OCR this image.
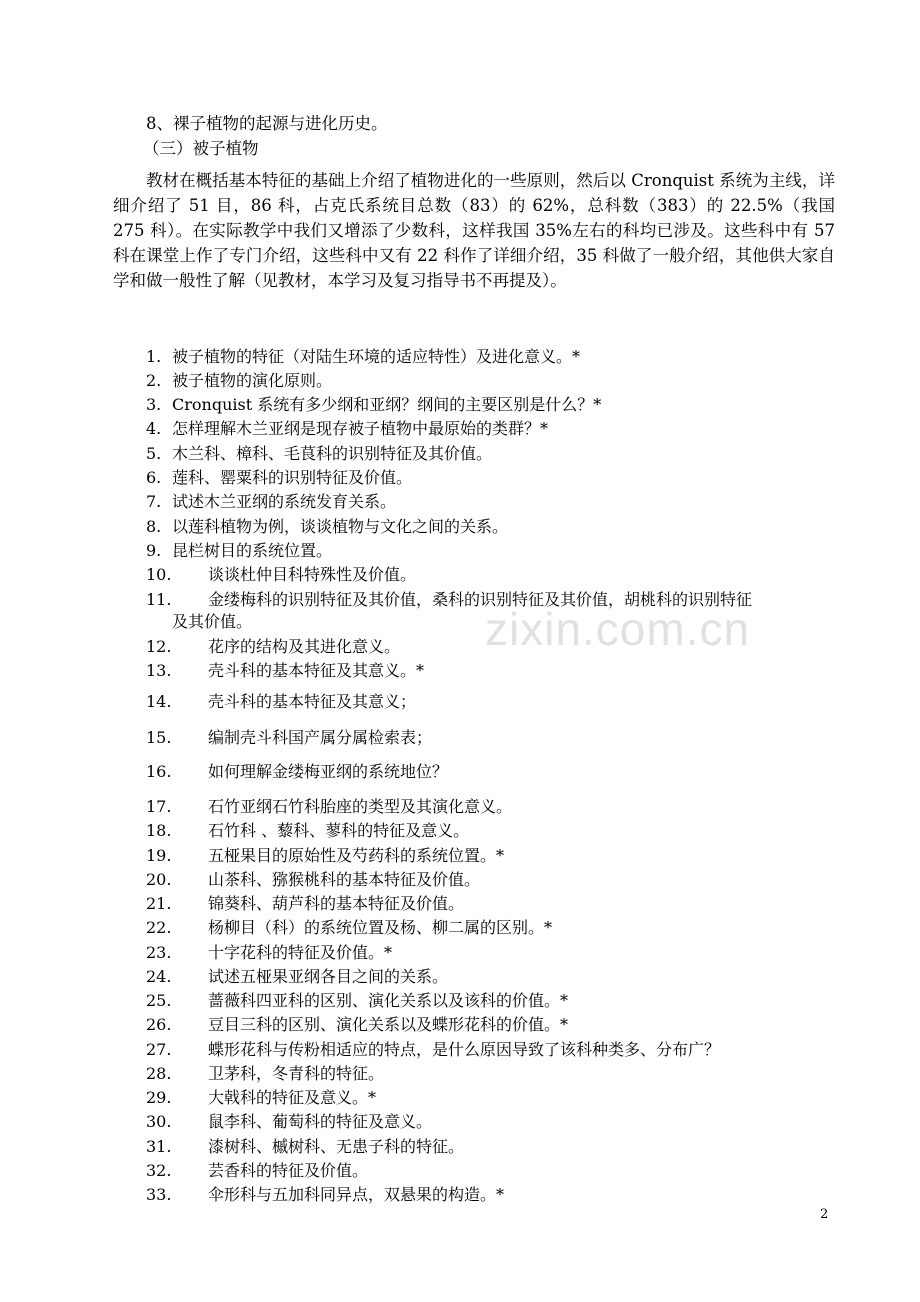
8、裸子植物的起源与进化历史。
（三）被子植物
教材在概括基本特征的基础上介绍了植物进化的一些原则，然后以 Cronquist 系统为主线，详细介绍了 51 目，86 科，占克氏系统目总数（83）的 62%，总科数（383）的 22.5%（我国 275 科）。在实际教学中我们又增添了少数科，这样我国 35%左右的科均已涉及。这些科中有 57 科在课堂上作了专门介绍，这些科中又有 22 科作了详细介绍，35 科做了一般介绍，其他供大家自学和做一般性了解（见教材，本学习及复习指导书不再提及）。
1. 被子植物的特征（对陆生环境的适应特性）及进化意义。*
2. 被子植物的演化原则。
3. Cronquist 系统有多少纲和亚纲？纲间的主要区别是什么？*
4. 怎样理解木兰亚纲是现存被子植物中最原始的类群？*
5. 木兰科、樟科、毛茛科的识别特征及其价值。
6. 莲科、罂粟科的识别特征及价值。
7. 试述木兰亚纲的系统发育关系。
8. 以莲科植物为例，谈谈植物与文化之间的关系。
9. 昆栏树目的系统位置。
10. 谈谈杜仲目科特殊性及价值。
11. 金缕梅科的识别特征及其价值，桑科的识别特征及其价值，胡桃科的识别特征
及其价值。
12. 花序的结构及其进化意义。
13. 壳斗科的基本特征及其意义。*
14. 壳斗科的基本特征及其意义；
15. 编制壳斗科国产属分属检索表；
16. 如何理解金缕梅亚纲的系统地位？
17. 石竹亚纲石竹科胎座的类型及其演化意义。
18. 石竹科 、藜科、蓼科的特征及意义。
19. 五桠果目的原始性及芍药科的系统位置。*
20. 山茶科、猕猴桃科的基本特征及价值。
21. 锦葵科、葫芦科的基本特征及价值。
22. 杨柳目（科）的系统位置及杨、柳二属的区别。*
23. 十字花科的特征及价值。*
24. 试述五桠果亚纲各目之间的关系。
25. 蔷薇科四亚科的区别、演化关系以及该科的价值。*
26. 豆目三科的区别、演化关系以及蝶形花科的价值。*
27. 蝶形花科与传粉相适应的特点，是什么原因导致了该科种类多、分布广？
28. 卫茅科，冬青科的特征。
29. 大戟科的特征及意义。*
30. 鼠李科、葡萄科的特征及意义。
31. 漆树科、槭树科、无患子科的特征。
32. 芸香科的特征及价值。
33. 伞形科与五加科同异点，双悬果的构造。*
zixin.com.cn
2
